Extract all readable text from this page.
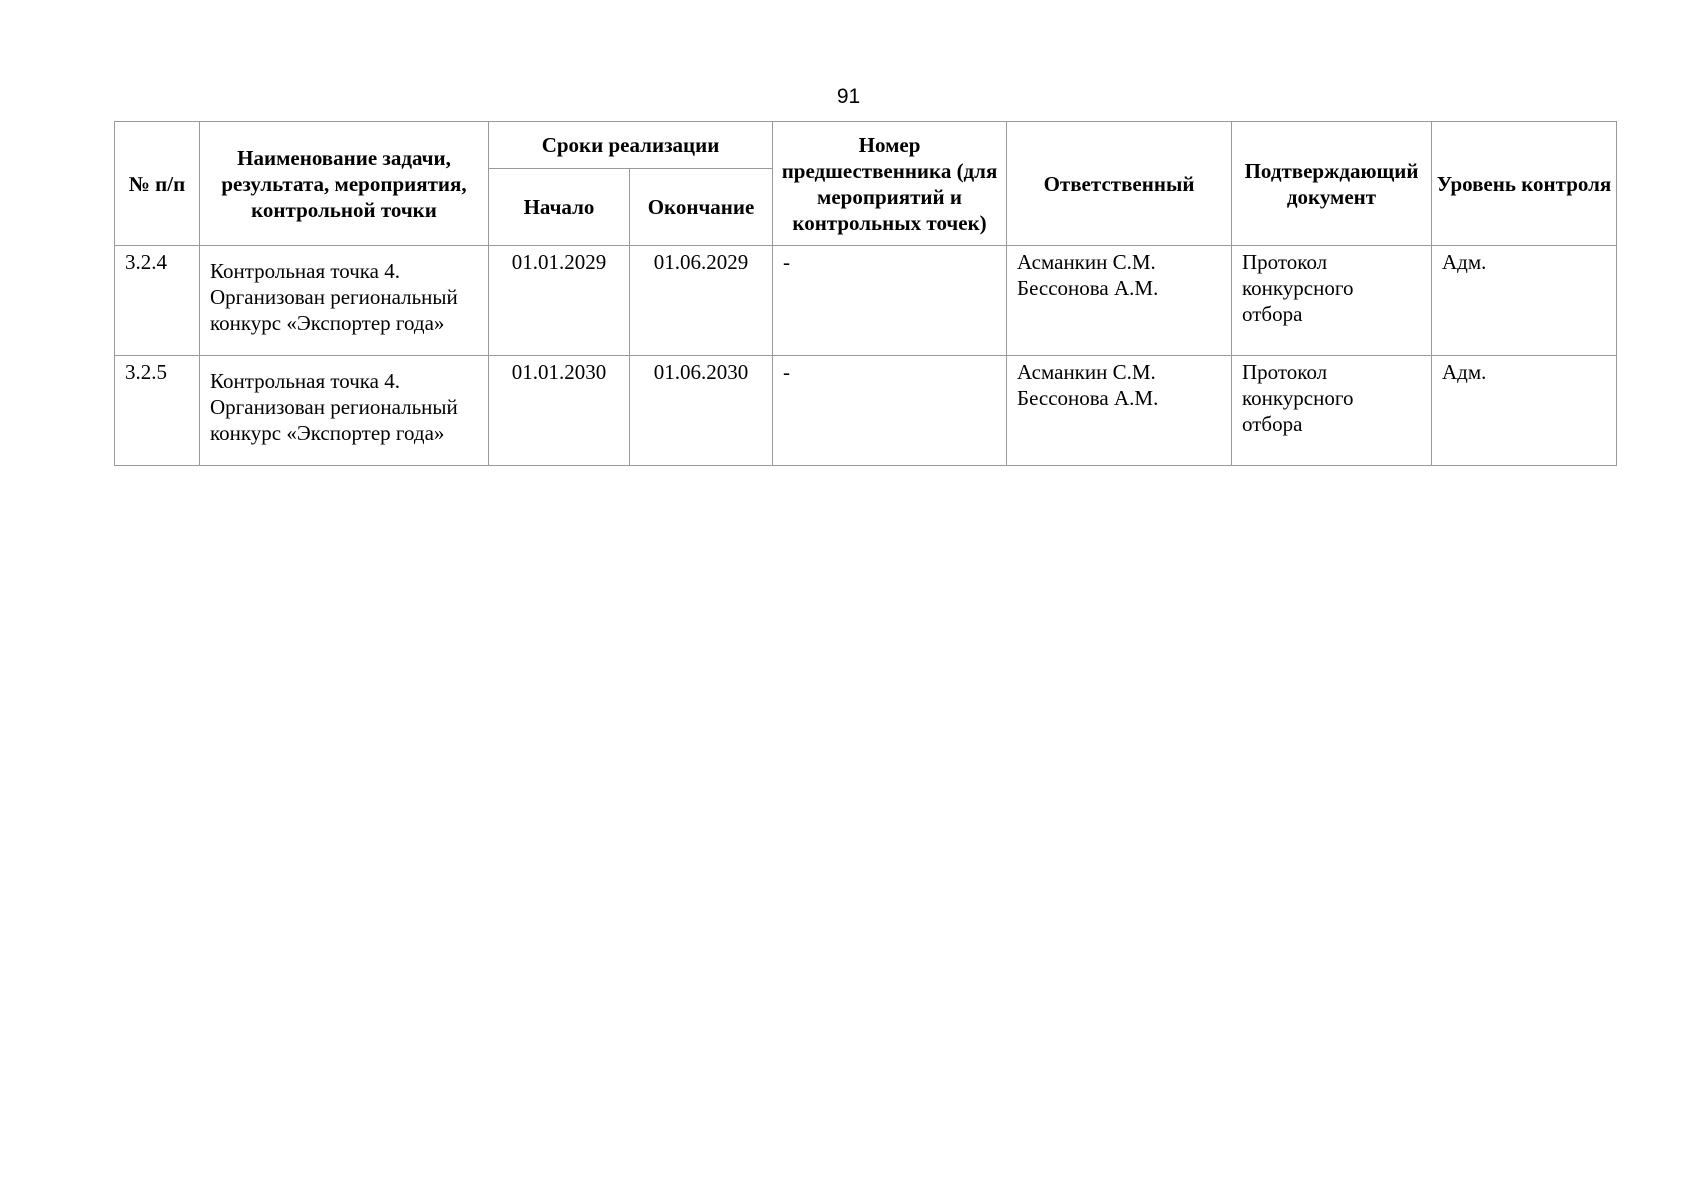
91
№ п/п	Наименование задачи, результата, мероприятия, контрольной точки	Сроки реализации		Номер предшественника (для мероприятий и контрольных точек)	Ответственный	Подтверждающий документ	Уровень контроля
		Начало	Окончание				
3.2.4	Контрольная точка 4.
Организован региональный
конкурс «Экспортер года»	01.01.2029	01.06.2029	-	Асманкин С.М.
Бессонова А.М.	Протокол
конкурсного
отбора	Адм.
3.2.5	Контрольная точка 4.
Организован региональный
конкурс «Экспортер года»	01.01.2030	01.06.2030	-	Асманкин С.М.
Бессонова А.М.	Протокол
конкурсного
отбора	Адм.
